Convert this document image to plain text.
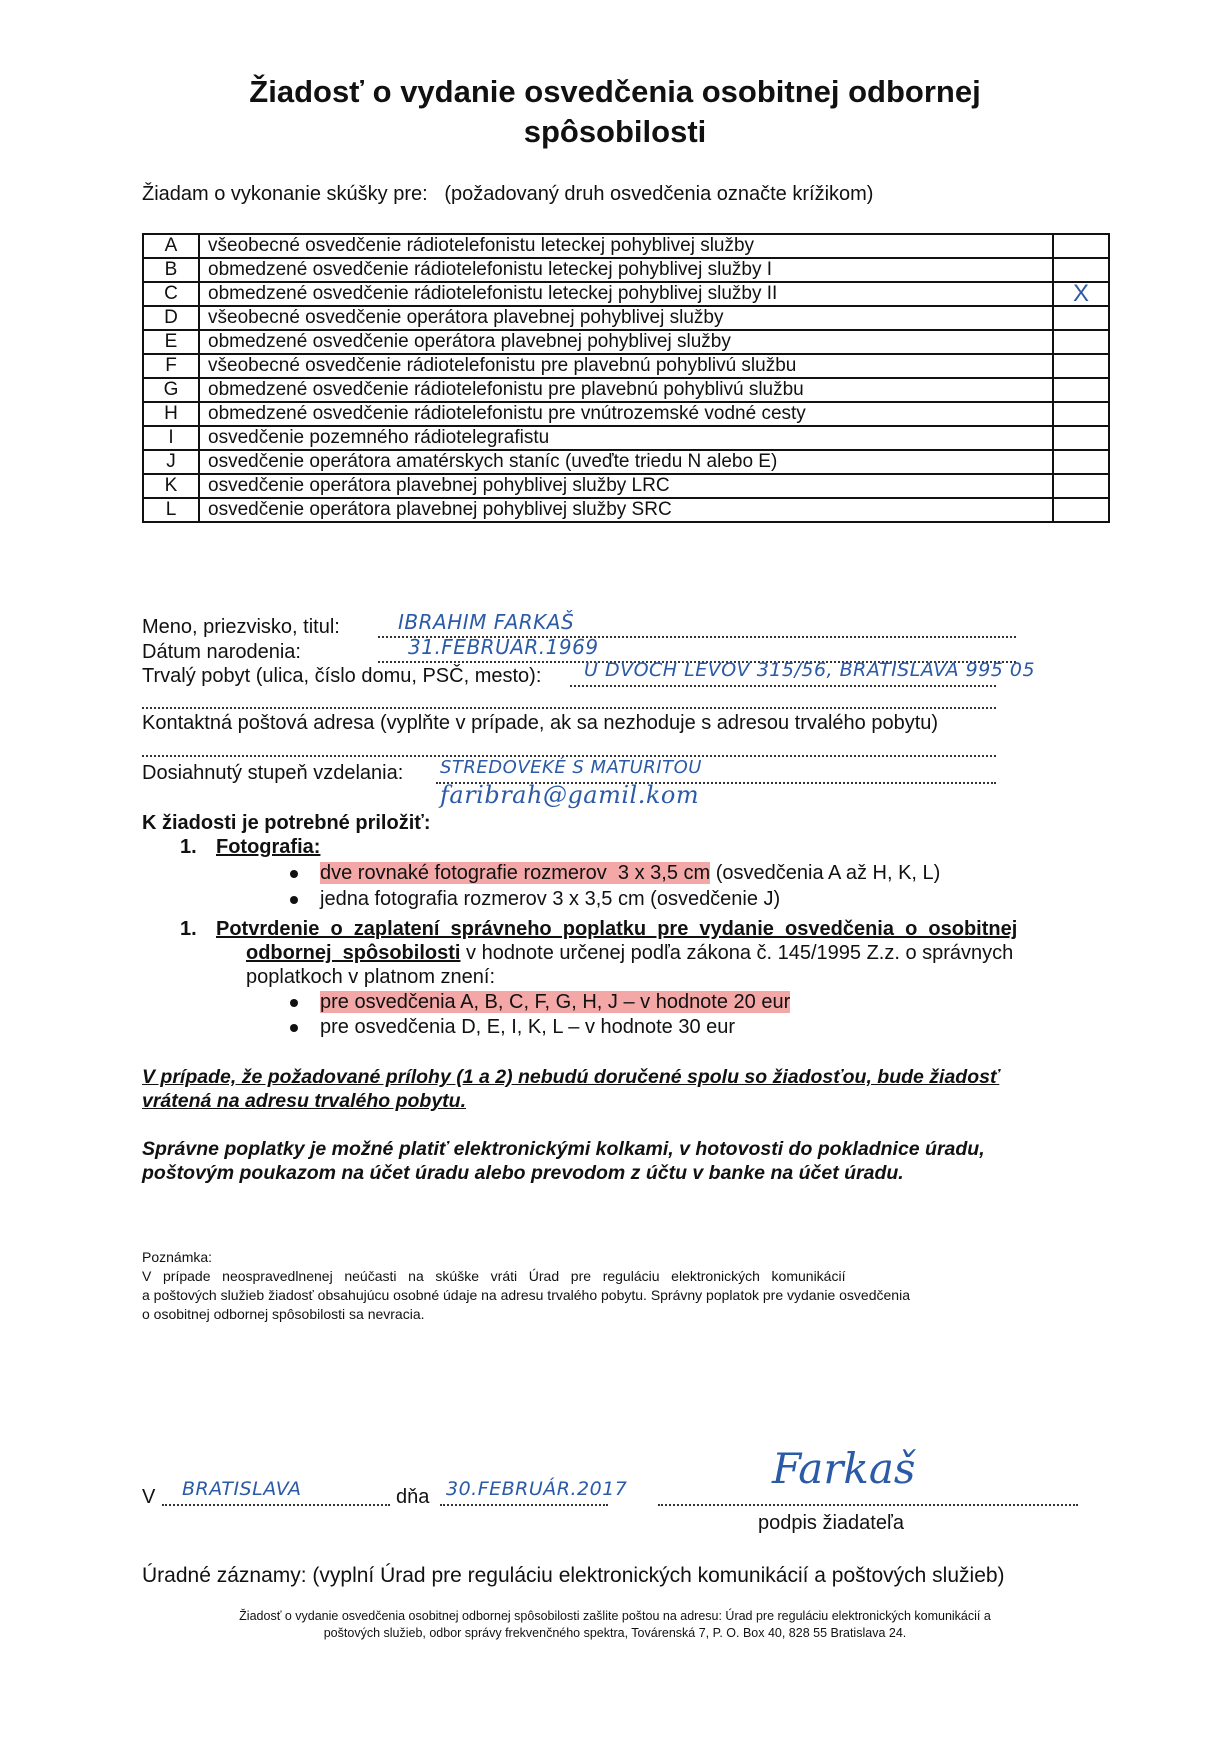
Žiadosť o vydanie osvedčenia osobitnej odbornej
spôsobilosti
Žiadam o vykonanie skúšky pre:   (požadovaný druh osvedčenia označte krížikom)
A	všeobecné osvedčenie rádiotelefonistu leteckej pohyblivej služby	
B	obmedzené osvedčenie rádiotelefonistu leteckej pohyblivej služby I	
C	obmedzené osvedčenie rádiotelefonistu leteckej pohyblivej služby II	X
D	všeobecné osvedčenie operátora plavebnej pohyblivej služby	
E	obmedzené osvedčenie operátora plavebnej pohyblivej služby	
F	všeobecné osvedčenie rádiotelefonistu pre plavebnú pohyblivú službu	
G	obmedzené osvedčenie rádiotelefonistu pre plavebnú pohyblivú službu	
H	obmedzené osvedčenie rádiotelefonistu pre vnútrozemské vodné cesty	
I	osvedčenie pozemného rádiotelegrafistu	
J	osvedčenie operátora amatérskych staníc (uveďte triedu N alebo E)	
K	osvedčenie operátora plavebnej pohyblivej služby LRC	
L	osvedčenie operátora plavebnej pohyblivej služby SRC	
Meno, priezvisko, titul:	IBRAHIM FARKAŠ
Dátum narodenia:	31.FEBRUAR.1969
Trvalý pobyt (ulica, číslo domu, PSČ, mesto): U DVOCH LEVOV 315/56, BRATISLAVA 995 05
Kontaktná poštová adresa (vyplňte v prípade, ak sa nezhoduje s adresou trvalého pobytu)
Dosiahnutý stupeň vzdelania: STREDOVEKÉ S MATURITOU
faribrah@gamil.kom
K žiadosti je potrebné priložiť:
1. Fotografia:
dve rovnaké fotografie rozmerov  3 x 3,5 cm (osvedčenia A až H, K, L)
jedna fotografia rozmerov 3 x 3,5 cm (osvedčenie J)
1. Potvrdenie  o  zaplatení  správneho  poplatku  pre  vydanie  osvedčenia  o  osobitnej
odbornej  spôsobilosti v hodnote určenej podľa zákona č. 145/1995 Z.z. o správnych
poplatkoch v platnom znení:
pre osvedčenia A, B, C, F, G, H, J – v hodnote 20 eur
pre osvedčenia D, E, I, K, L – v hodnote 30 eur
V prípade, že požadované prílohy (1 a 2) nebudú doručené spolu so žiadosťou, bude žiadosť
vrátená na adresu trvalého pobytu.
Správne poplatky je možné platiť elektronickými kolkami, v hotovosti do pokladnice úradu,
poštovým poukazom na účet úradu alebo prevodom z účtu v banke na účet úradu.
Poznámka:
V   prípade   neospravedlnenej   neúčasti   na   skúške   vráti   Úrad   pre   reguláciu   elektronických   komunikácií
a poštových služieb žiadosť obsahujúcu osobné údaje na adresu trvalého pobytu. Správny poplatok pre vydanie osvedčenia
o osobitnej odbornej spôsobilosti sa nevracia.
V BRATISLAVA	dňa 30.FEBRUÁR.2017	Farkaš
podpis žiadateľa
Úradné záznamy: (vyplní Úrad pre reguláciu elektronických komunikácií a poštových služieb)
Žiadosť o vydanie osvedčenia osobitnej odbornej spôsobilosti zašlite poštou na adresu: Úrad pre reguláciu elektronických komunikácií a
poštových služieb, odbor správy frekvenčného spektra, Továrenská 7, P. O. Box 40, 828 55 Bratislava 24.
